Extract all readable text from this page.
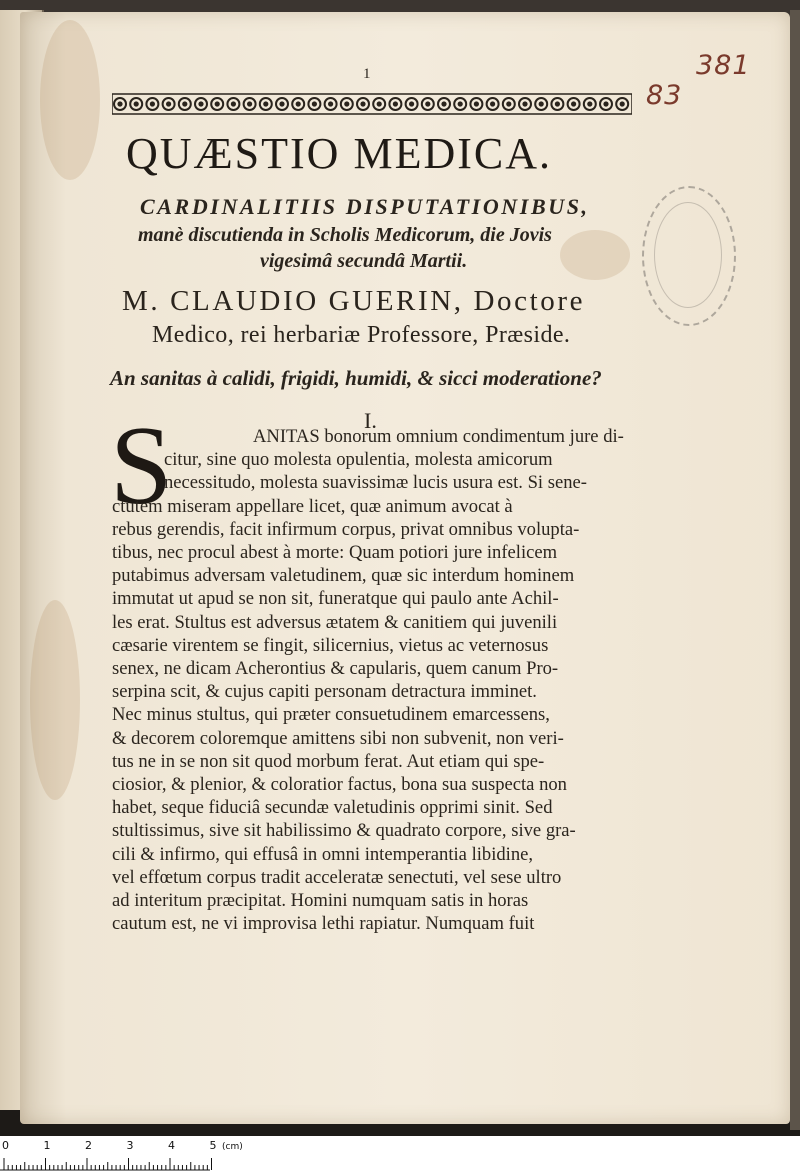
1	381
83
QUÆSTIO MEDICA.
CARDINALITIIS DISPUTATIONIBUS,
manè discutienda in Scholis Medicorum, die Jovis
vigesimâ secundâ Martii.
M. CLAUDIO GUERIN, Doctore
Medico, rei herbariæ Professore, Præside.
An sanitas à calidi, frigidi, humidi, & sicci moderatione?
I.
S	ANITAS bonorum omnium condimentum jure di-
citur, sine quo molesta opulentia, molesta amicorum
necessitudo, molesta suavissimæ lucis usura est. Si sene-
ctutem miseram appellare licet, quæ animum avocat à
rebus gerendis, facit infirmum corpus, privat omnibus volupta-
tibus, nec procul abest à morte: Quam potiori jure infelicem
putabimus adversam valetudinem, quæ sic interdum hominem
immutat ut apud se non sit, funeratque qui paulo ante Achil-
les erat. Stultus est adversus ætatem & canitiem qui juvenili
cæsarie virentem se fingit, silicernius, vietus ac veternosus
senex, ne dicam Acherontius & capularis, quem canum Pro-
serpina scit, & cujus capiti personam detractura imminet.
Nec minus stultus, qui præter consuetudinem emarcessens,
& decorem coloremque amittens sibi non subvenit, non veri-
tus ne in se non sit quod morbum ferat. Aut etiam qui spe-
ciosior, & plenior, & coloratior factus, bona sua suspecta non
habet, seque fiduciâ secundæ valetudinis opprimi sinit. Sed
stultissimus, sive sit habilissimo & quadrato corpore, sive gra-
cili & infirmo, qui effusâ in omni intemperantia libidine,
vel effœtum corpus tradit acceleratæ senectuti, vel sese ultro
ad interitum præcipitat. Homini numquam satis in horas
cautum est, ne vi improvisa lethi rapiatur. Numquam fuit
0	1	2	3	4	5 (cm)
